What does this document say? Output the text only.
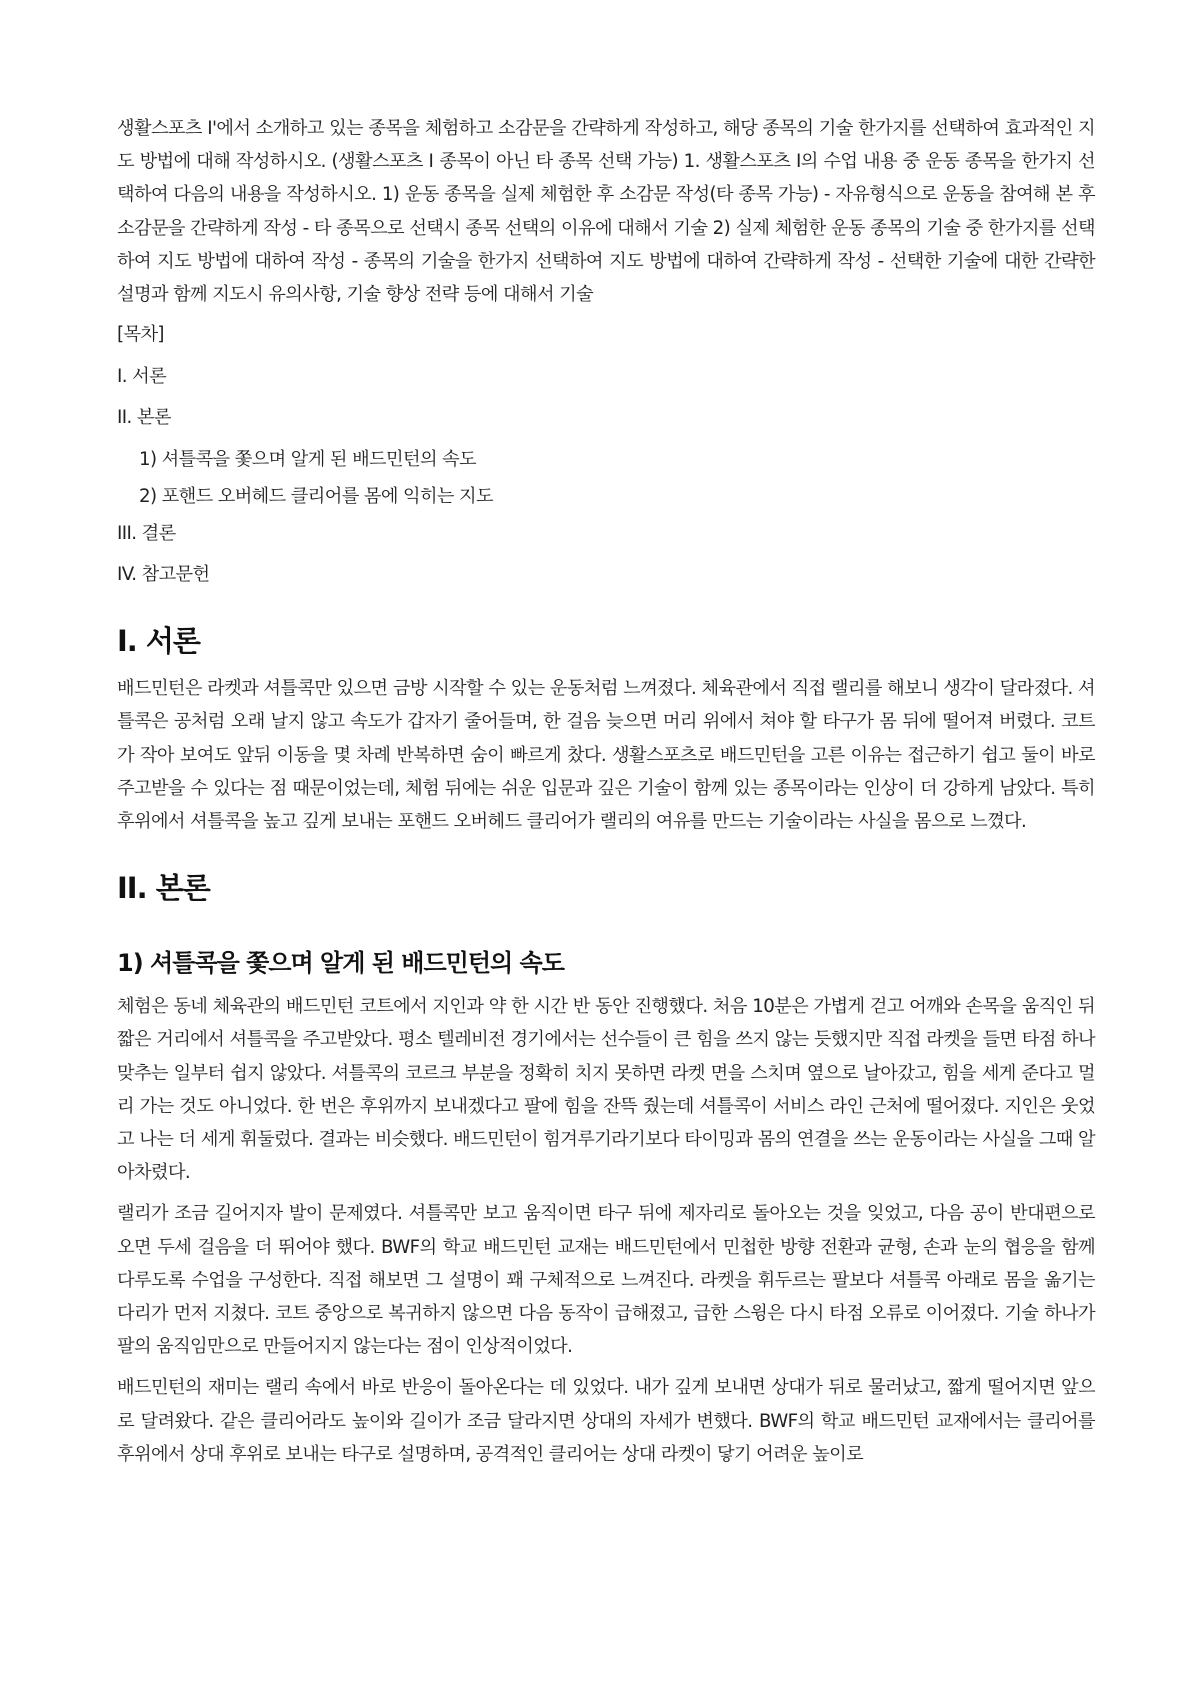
생활스포츠 I'에서 소개하고 있는 종목을 체험하고 소감문을 간략하게 작성하고, 해당 종목의 기술 한가지를 선택하여 효과적인 지도 방법에 대해 작성하시오. (생활스포츠 Ⅰ 종목이 아닌 타 종목 선택 가능) 1. 생활스포츠 I의 수업 내용 중 운동 종목을 한가지 선택하여 다음의 내용을 작성하시오. 1) 운동 종목을 실제 체험한 후 소감문 작성(타 종목 가능) - 자유형식으로 운동을 참여해 본 후 소감문을 간략하게 작성 - 타 종목으로 선택시 종목 선택의 이유에 대해서 기술 2) 실제 체험한 운동 종목의 기술 중 한가지를 선택하여 지도 방법에 대하여 작성 - 종목의 기술을 한가지 선택하여 지도 방법에 대하여 간략하게 작성 - 선택한 기술에 대한 간략한 설명과 함께 지도시 유의사항, 기술 향상 전략 등에 대해서 기술

[목차]
I. 서론
II. 본론
1) 셔틀콕을 쫓으며 알게 된 배드민턴의 속도
2) 포핸드 오버헤드 클리어를 몸에 익히는 지도
III. 결론
IV. 참고문헌
I. 서론

배드민턴은 라켓과 셔틀콕만 있으면 금방 시작할 수 있는 운동처럼 느껴졌다. 체육관에서 직접 랠리를 해보니 생각이 달라졌다. 셔틀콕은 공처럼 오래 날지 않고 속도가 갑자기 줄어들며, 한 걸음 늦으면 머리 위에서 쳐야 할 타구가 몸 뒤에 떨어져 버렸다. 코트가 작아 보여도 앞뒤 이동을 몇 차례 반복하면 숨이 빠르게 찼다. 생활스포츠로 배드민턴을 고른 이유는 접근하기 쉽고 둘이 바로 주고받을 수 있다는 점 때문이었는데, 체험 뒤에는 쉬운 입문과 깊은 기술이 함께 있는 종목이라는 인상이 더 강하게 남았다. 특히 후위에서 셔틀콕을 높고 깊게 보내는 포핸드 오버헤드 클리어가 랠리의 여유를 만드는 기술이라는 사실을 몸으로 느꼈다.

II. 본론
1) 셔틀콕을 쫓으며 알게 된 배드민턴의 속도

체험은 동네 체육관의 배드민턴 코트에서 지인과 약 한 시간 반 동안 진행했다. 처음 10분은 가볍게 걷고 어깨와 손목을 움직인 뒤 짧은 거리에서 셔틀콕을 주고받았다. 평소 텔레비전 경기에서는 선수들이 큰 힘을 쓰지 않는 듯했지만 직접 라켓을 들면 타점 하나 맞추는 일부터 쉽지 않았다. 셔틀콕의 코르크 부분을 정확히 치지 못하면 라켓 면을 스치며 옆으로 날아갔고, 힘을 세게 준다고 멀리 가는 것도 아니었다. 한 번은 후위까지 보내겠다고 팔에 힘을 잔뜩 줬는데 셔틀콕이 서비스 라인 근처에 떨어졌다. 지인은 웃었고 나는 더 세게 휘둘렀다. 결과는 비슷했다. 배드민턴이 힘겨루기라기보다 타이밍과 몸의 연결을 쓰는 운동이라는 사실을 그때 알아차렸다.

랠리가 조금 길어지자 발이 문제였다. 셔틀콕만 보고 움직이면 타구 뒤에 제자리로 돌아오는 것을 잊었고, 다음 공이 반대편으로 오면 두세 걸음을 더 뛰어야 했다. BWF의 학교 배드민턴 교재는 배드민턴에서 민첩한 방향 전환과 균형, 손과 눈의 협응을 함께 다루도록 수업을 구성한다. 직접 해보면 그 설명이 꽤 구체적으로 느껴진다. 라켓을 휘두르는 팔보다 셔틀콕 아래로 몸을 옮기는 다리가 먼저 지쳤다. 코트 중앙으로 복귀하지 않으면 다음 동작이 급해졌고, 급한 스윙은 다시 타점 오류로 이어졌다. 기술 하나가 팔의 움직임만으로 만들어지지 않는다는 점이 인상적이었다.

배드민턴의 재미는 랠리 속에서 바로 반응이 돌아온다는 데 있었다. 내가 깊게 보내면 상대가 뒤로 물러났고, 짧게 떨어지면 앞으로 달려왔다. 같은 클리어라도 높이와 길이가 조금 달라지면 상대의 자세가 변했다. BWF의 학교 배드민턴 교재에서는 클리어를 후위에서 상대 후위로 보내는 타구로 설명하며, 공격적인 클리어는 상대 라켓이 닿기 어려운 높이로
